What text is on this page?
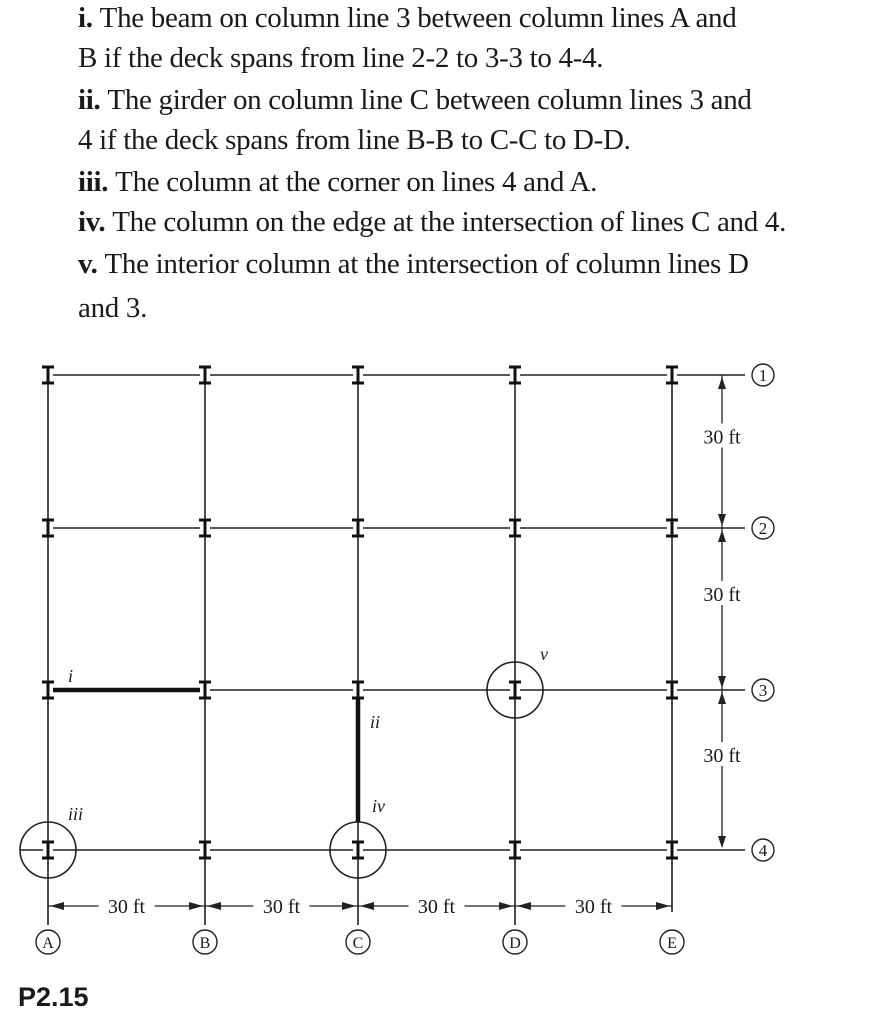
i. The beam on column line 3 between column lines A and
B if the deck spans from line 2-2 to 3-3 to 4-4.
ii. The girder on column line C between column lines 3 and
4 if the deck spans from line B-B to C-C to D-D.
iii. The column at the corner on lines 4 and A.
iv. The column on the edge at the intersection of lines C and 4.
v. The interior column at the intersection of column lines D
and 3.
1
2
3
4
A	B	C	D	E
30 ft
30 ft
30 ft
30 ft	30 ft	30 ft	30 ft
i
ii
iii	iv
v
P2.15
